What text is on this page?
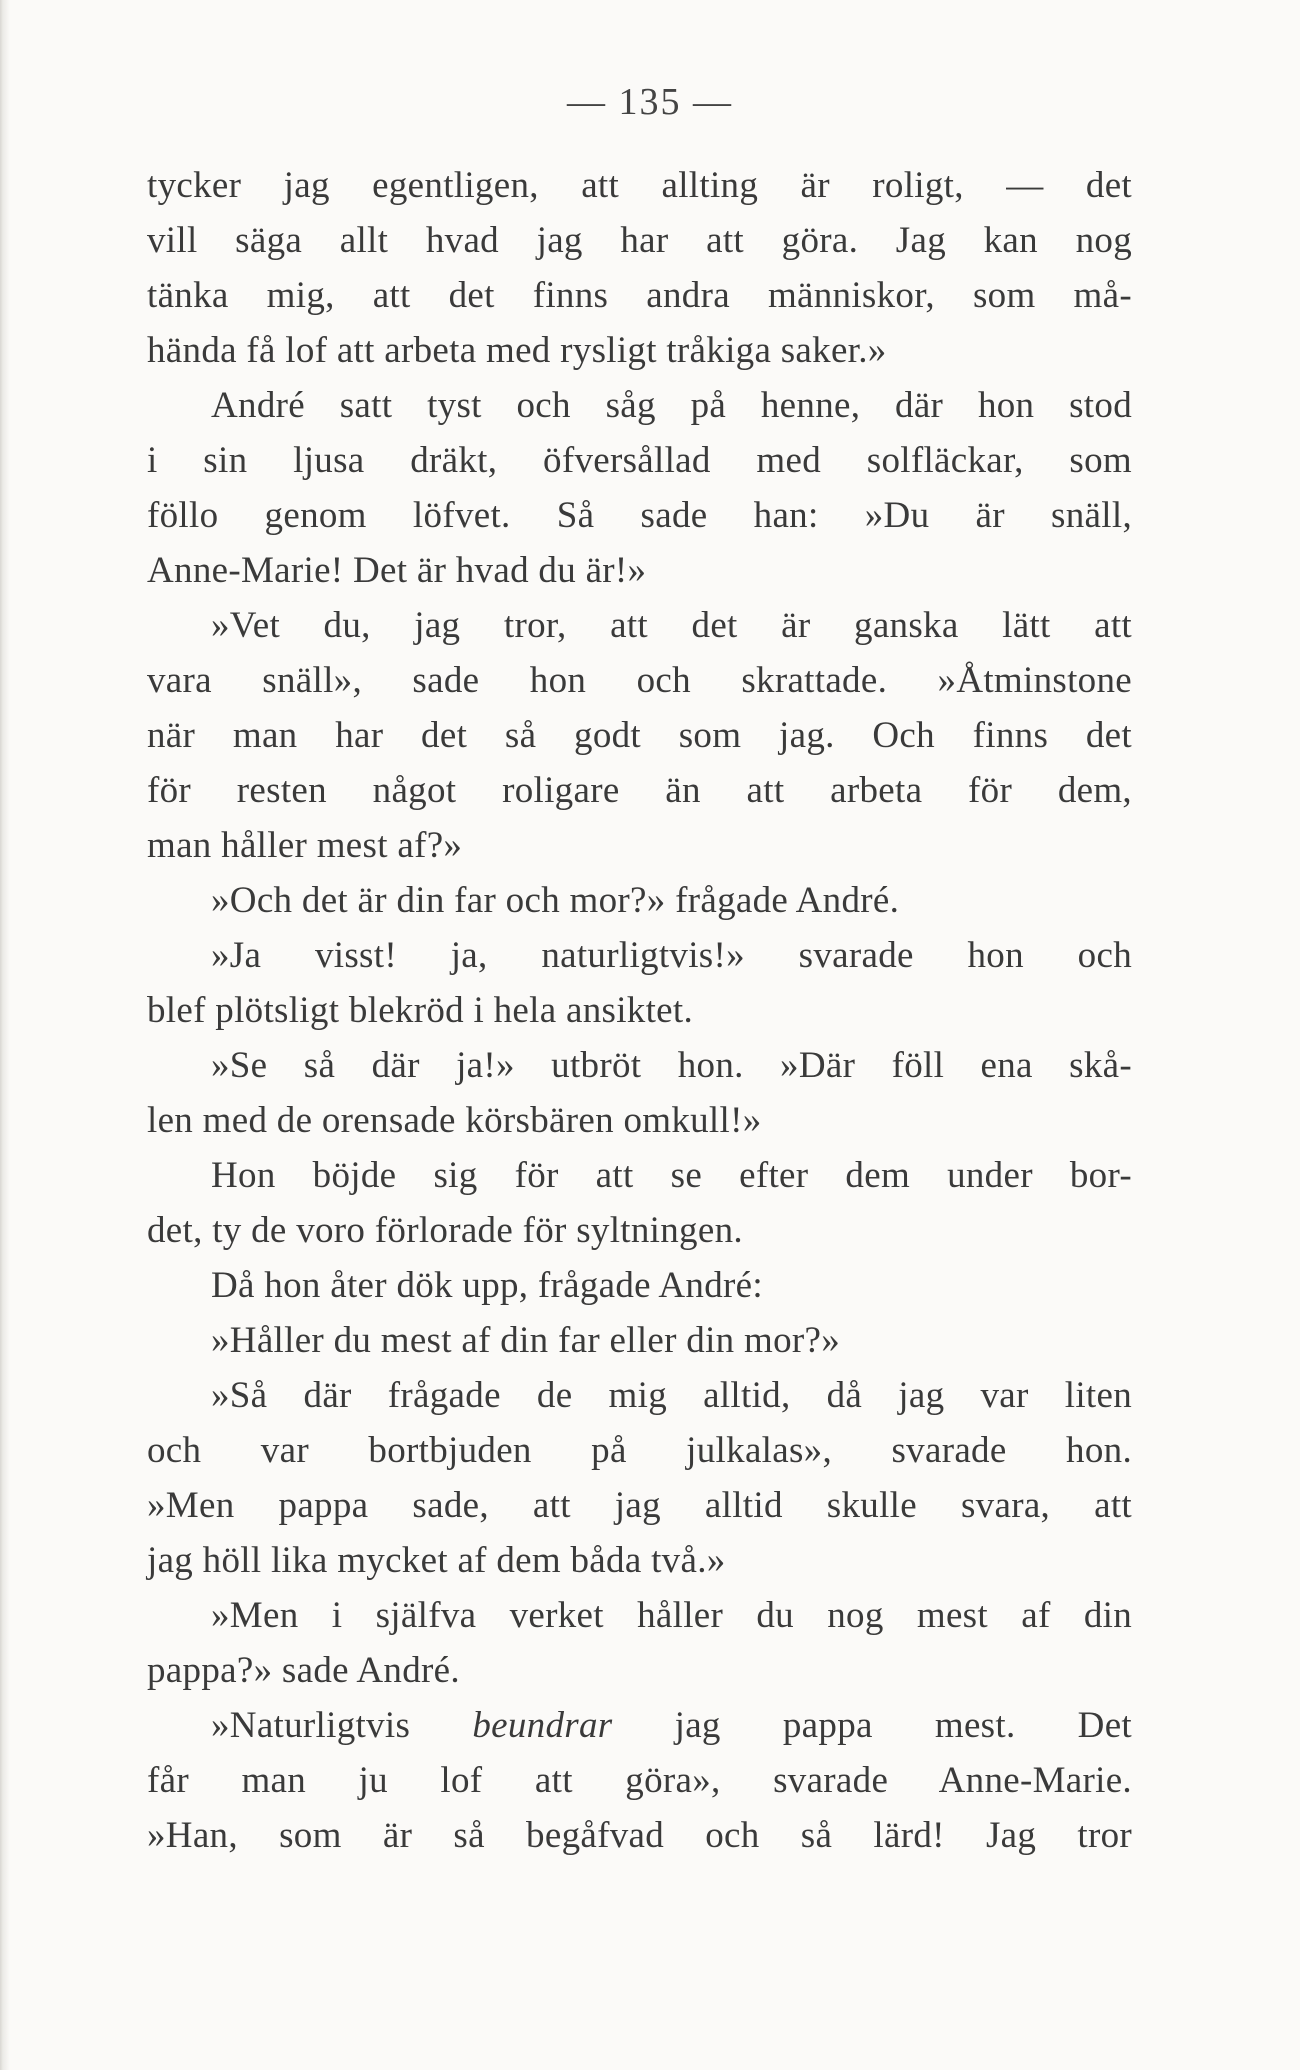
— 135 —
tycker jag egentligen, att allting är roligt, — det
vill säga allt hvad jag har att göra. Jag kan nog
tänka mig, att det finns andra människor, som må-
hända få lof att arbeta med rysligt tråkiga saker.»
André satt tyst och såg på henne, där hon stod
i sin ljusa dräkt, öfversållad med solfläckar, som
föllo genom löfvet. Så sade han: »Du är snäll,
Anne-Marie! Det är hvad du är!»
»Vet du, jag tror, att det är ganska lätt att
vara snäll», sade hon och skrattade. »Åtminstone
när man har det så godt som jag. Och finns det
för resten något roligare än att arbeta för dem,
man håller mest af?»
»Och det är din far och mor?» frågade André.
»Ja visst! ja, naturligtvis!» svarade hon och
blef plötsligt blekröd i hela ansiktet.
»Se så där ja!» utbröt hon. »Där föll ena skå-
len med de orensade körsbären omkull!»
Hon böjde sig för att se efter dem under bor-
det, ty de voro förlorade för syltningen.
Då hon åter dök upp, frågade André:
»Håller du mest af din far eller din mor?»
»Så där frågade de mig alltid, då jag var liten
och var bortbjuden på julkalas», svarade hon.
»Men pappa sade, att jag alltid skulle svara, att
jag höll lika mycket af dem båda två.»
»Men i själfva verket håller du nog mest af din
pappa?» sade André.
»Naturligtvis beundrar jag pappa mest. Det
får man ju lof att göra», svarade Anne-Marie.
»Han, som är så begåfvad och så lärd! Jag tror
